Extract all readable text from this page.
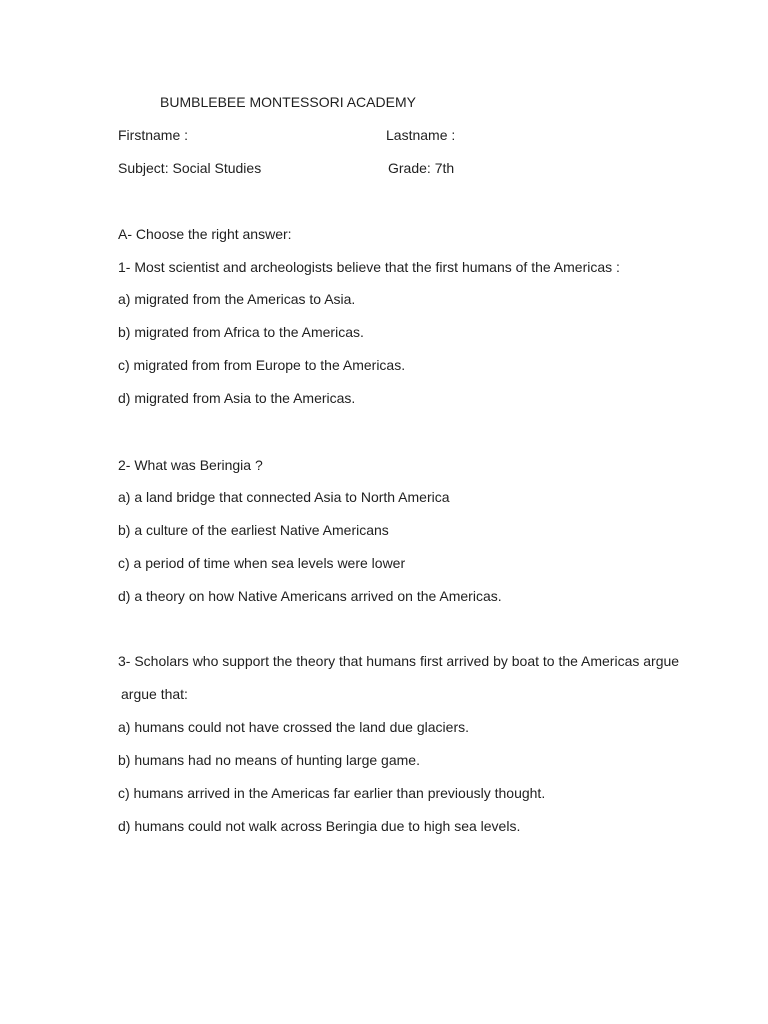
BUMBLEBEE MONTESSORI ACADEMY
Firstname :	Lastname :
Subject: Social Studies	Grade: 7th
A- Choose the right answer:
1- Most scientist and archeologists believe that the first humans of the Americas :
a) migrated from the Americas to Asia.
b) migrated from Africa to the Americas.
c) migrated from from Europe to the Americas.
d) migrated from Asia to the Americas.
2- What was Beringia ?
a) a land bridge that connected Asia to North America
b) a culture of the earliest Native Americans
c) a period of time when sea levels were lower
d) a theory on how Native Americans arrived on the Americas.
3- Scholars who support the theory that humans first arrived by boat to the Americas argue
argue that:
a) humans could not have crossed the land due glaciers.
b) humans had no means of hunting large game.
c) humans arrived in the Americas far earlier than previously thought.
d) humans could not walk across Beringia due to high sea levels.
